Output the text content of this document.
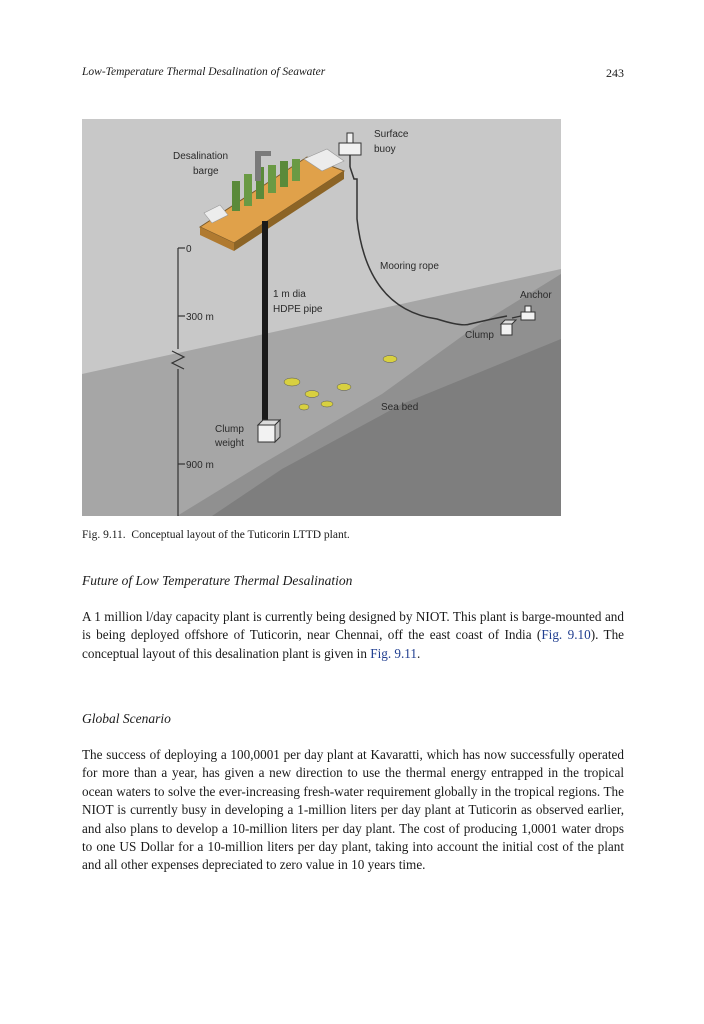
Low-Temperature Thermal Desalination of Seawater	243
Desalination
barge
Surface
buoy
0
300 m
900 m
Mooring rope
Anchor
1 m dia
HDPE pipe
Clump
Sea bed
Clump
weight
Fig. 9.11. Conceptual layout of the Tuticorin LTTD plant.
Future of Low Temperature Thermal Desalination

A 1 million l/day capacity plant is currently being designed by NIOT. This plant is barge-mounted and is being deployed offshore of Tuticorin, near Chennai, off the east coast of India (Fig. 9.10). The conceptual layout of this desalination plant is given in Fig. 9.11.

Global Scenario

The success of deploying a 100,0001 per day plant at Kavaratti, which has now successfully operated for more than a year, has given a new direction to use the thermal energy entrapped in the tropical ocean waters to solve the ever-increasing fresh-water requirement globally in the tropical regions. The NIOT is currently busy in developing a 1-million liters per day plant at Tuticorin as observed earlier, and also plans to develop a 10-million liters per day plant. The cost of producing 1,0001 water drops to one US Dollar for a 10-million liters per day plant, taking into account the initial cost of the plant and all other expenses depreciated to zero value in 10 years time.
